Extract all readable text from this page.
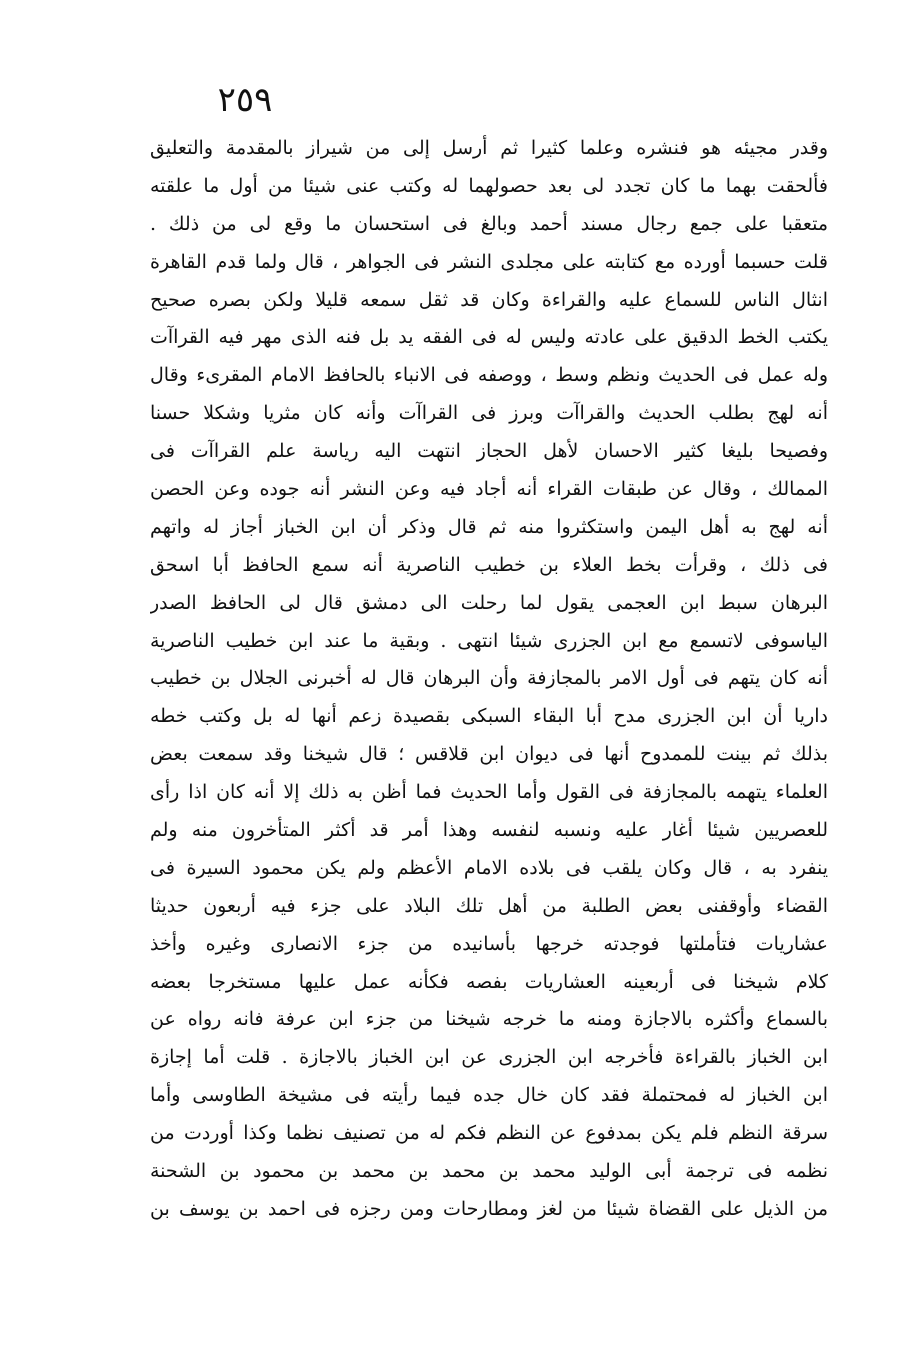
٢٥٩
وقدر مجيئه هو فنشره وعلما كثيرا ثم أرسل إلى من شيراز بالمقدمة والتعليق
فألحقت بهما ما كان تجدد لى بعد حصولهما له وكتب عنى شيئا من أول ما علقته
متعقبا على جمع رجال مسند أحمد وبالغ فى استحسان ما وقع لى من ذلك .
قلت حسبما أورده مع كتابته على مجلدى النشر فى الجواهر ، قال ولما قدم القاهرة
انثال الناس للسماع عليه والقراءة وكان قد ثقل سمعه قليلا ولكن بصره صحيح
يكتب الخط الدقيق على عادته وليس له فى الفقه يد بل فنه الذى مهر فيه القراآت
وله عمل فى الحديث ونظم وسط ، ووصفه فى الانباء بالحافظ الامام المقرىء وقال
أنه لهج بطلب الحديث والقراآت وبرز فى القراآت وأنه كان مثريا وشكلا حسنا
وفصيحا بليغا كثير الاحسان لأهل الحجاز انتهت اليه رياسة علم القراآت فى
الممالك ، وقال عن طبقات القراء أنه أجاد فيه وعن النشر أنه جوده وعن الحصن
أنه لهج به أهل اليمن واستكثروا منه ثم قال وذكر أن ابن الخباز أجاز له واتهم
فى ذلك ، وقرأت بخط العلاء بن خطيب الناصرية أنه سمع الحافظ أبا اسحق
البرهان سبط ابن العجمى يقول لما رحلت الى دمشق قال لى الحافظ الصدر
الياسوفى لاتسمع مع ابن الجزرى شيئا انتهى . وبقية ما عند ابن خطيب الناصرية
أنه كان يتهم فى أول الامر بالمجازفة وأن البرهان قال له أخبرنى الجلال بن خطيب
داريا أن ابن الجزرى مدح أبا البقاء السبكى بقصيدة زعم أنها له بل وكتب خطه
بذلك ثم بينت للممدوح أنها فى ديوان ابن قلاقس ؛ قال شيخنا وقد سمعت بعض
العلماء يتهمه بالمجازفة فى القول وأما الحديث فما أظن به ذلك إلا أنه كان اذا رأى
للعصريين شيئا أغار عليه ونسبه لنفسه وهذا أمر قد أكثر المتأخرون منه ولم
ينفرد به ، قال وكان يلقب فى بلاده الامام الأعظم ولم يكن محمود السيرة فى
القضاء وأوقفنى بعض الطلبة من أهل تلك البلاد على جزء فيه أربعون حديثا
عشاريات فتأملتها فوجدته خرجها بأسانيده من جزء الانصارى وغيره وأخذ
كلام شيخنا فى أربعينه العشاريات بفصه فكأنه عمل عليها مستخرجا بعضه
بالسماع وأكثره بالاجازة ومنه ما خرجه شيخنا من جزء ابن عرفة فانه رواه عن
ابن الخباز بالقراءة فأخرجه ابن الجزرى عن ابن الخباز بالاجازة . قلت أما إجازة
ابن الخباز له فمحتملة فقد كان خال جده فيما رأيته فى مشيخة الطاوسى وأما
سرقة النظم فلم يكن بمدفوع عن النظم فكم له من تصنيف نظما وكذا أوردت من
نظمه فى ترجمة أبى الوليد محمد بن محمد بن محمد بن محمود بن الشحنة
من الذيل على القضاة شيئا من لغز ومطارحات ومن رجزه فى احمد بن يوسف بن
